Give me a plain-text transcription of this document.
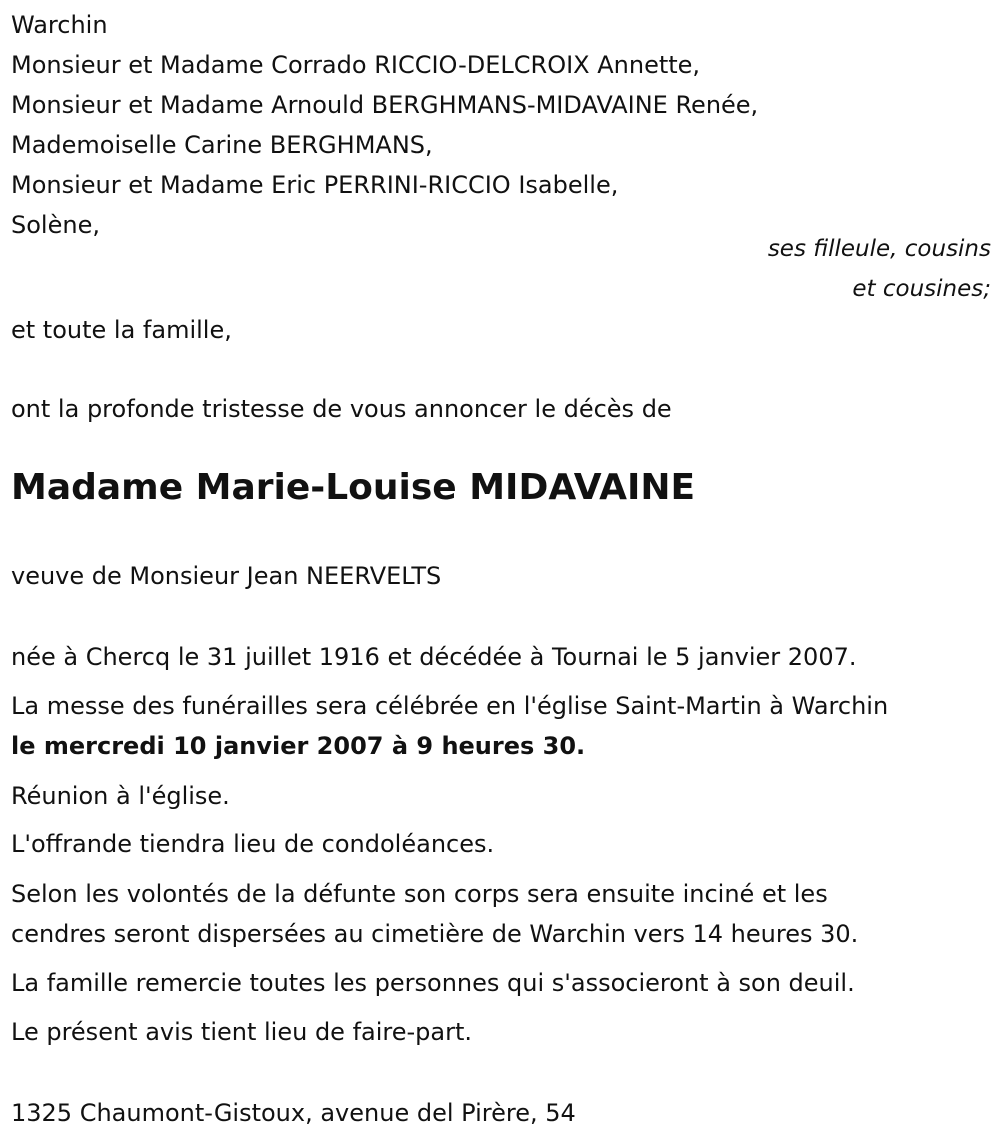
Warchin
Monsieur et Madame Corrado RICCIO-DELCROIX Annette,
Monsieur et Madame Arnould BERGHMANS-MIDAVAINE Renée,
Mademoiselle Carine BERGHMANS,
Monsieur et Madame Eric PERRINI-RICCIO Isabelle,
Solène,
ses filleule, cousins
et cousines;
et toute la famille,
ont la profonde tristesse de vous annoncer le décès de
Madame Marie-Louise MIDAVAINE
veuve de Monsieur Jean NEERVELTS
née à Chercq le 31 juillet 1916 et décédée à Tournai le 5 janvier 2007.
La messe des funérailles sera célébrée en l'église Saint-Martin à Warchin
le mercredi 10 janvier 2007 à 9 heures 30.
Réunion à l'église.
L'offrande tiendra lieu de condoléances.
Selon les volontés de la défunte son corps sera ensuite inciné et les
cendres seront dispersées au cimetière de Warchin vers 14 heures 30.
La famille remercie toutes les personnes qui s'associeront à son deuil.
Le présent avis tient lieu de faire-part.
1325 Chaumont-Gistoux, avenue del Pirère, 54
